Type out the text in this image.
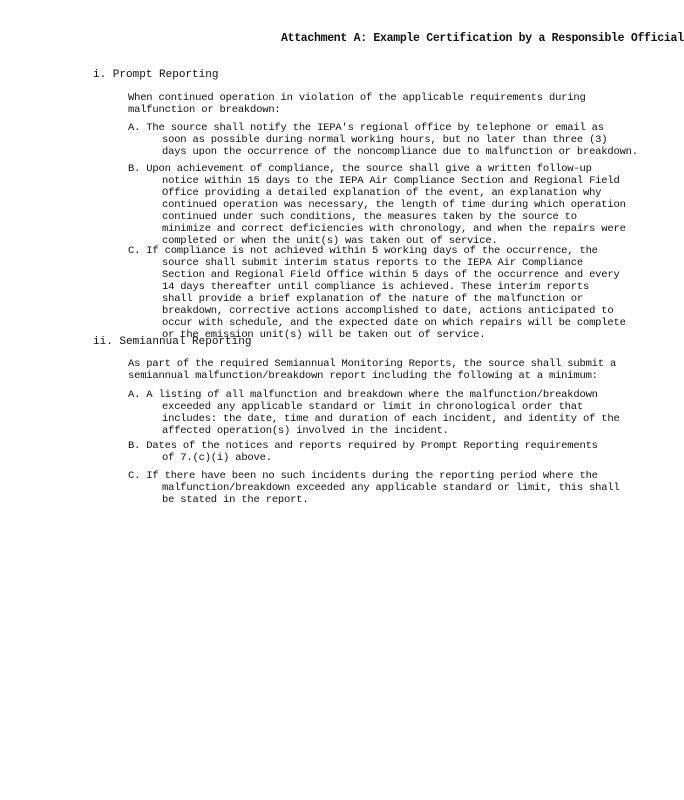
Attachment A: Example Certification by a Responsible Official
i. Prompt Reporting
When continued operation in violation of the applicable requirements during
malfunction or breakdown:
A. The source shall notify the IEPA's regional office by telephone or email as
soon as possible during normal working hours, but no later than three (3)
days upon the occurrence of the noncompliance due to malfunction or breakdown.
B. Upon achievement of compliance, the source shall give a written follow-up
notice within 15 days to the IEPA Air Compliance Section and Regional Field
Office providing a detailed explanation of the event, an explanation why
continued operation was necessary, the length of time during which operation
continued under such conditions, the measures taken by the source to
minimize and correct deficiencies with chronology, and when the repairs were
completed or when the unit(s) was taken out of service.
C. If compliance is not achieved within 5 working days of the occurrence, the
source shall submit interim status reports to the IEPA Air Compliance
Section and Regional Field Office within 5 days of the occurrence and every
14 days thereafter until compliance is achieved. These interim reports
shall provide a brief explanation of the nature of the malfunction or
breakdown, corrective actions accomplished to date, actions anticipated to
occur with schedule, and the expected date on which repairs will be complete
or the emission unit(s) will be taken out of service.
ii. Semiannual Reporting
As part of the required Semiannual Monitoring Reports, the source shall submit a
semiannual malfunction/breakdown report including the following at a minimum:
A. A listing of all malfunction and breakdown where the malfunction/breakdown
exceeded any applicable standard or limit in chronological order that
includes: the date, time and duration of each incident, and identity of the
affected operation(s) involved in the incident.
B. Dates of the notices and reports required by Prompt Reporting requirements
of 7.(c)(i) above.
C. If there have been no such incidents during the reporting period where the
malfunction/breakdown exceeded any applicable standard or limit, this shall
be stated in the report.
